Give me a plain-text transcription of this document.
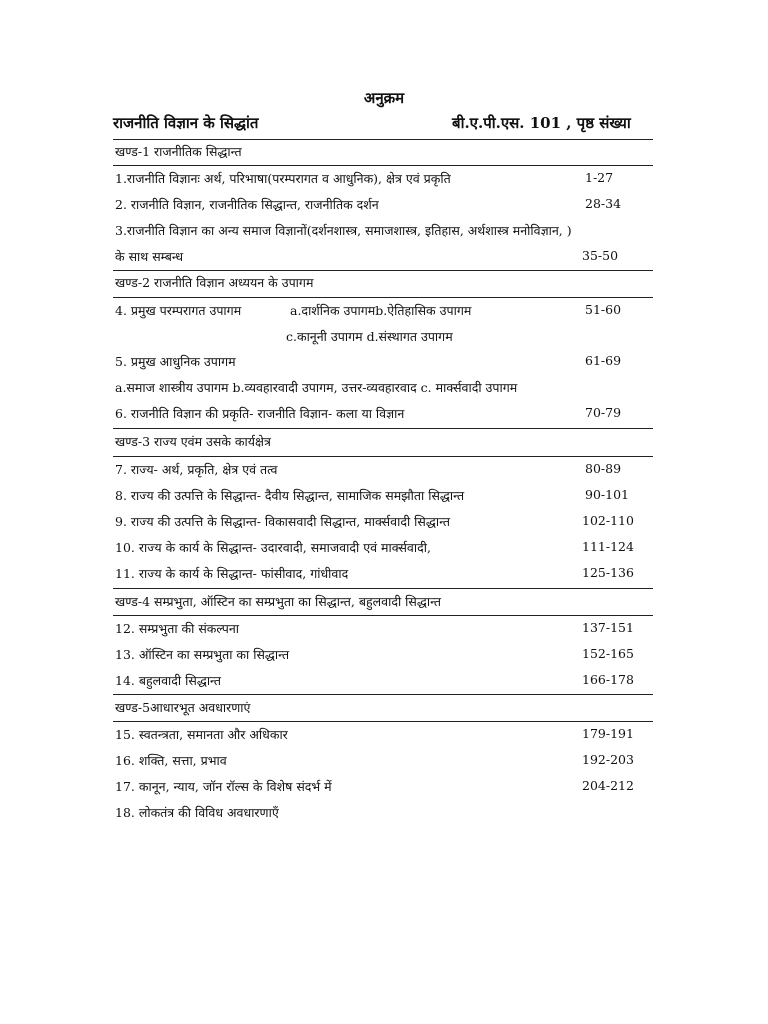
अनुक्रम
राजनीति विज्ञान के सिद्धांत	बी.ए.पी.एस. 101 , पृष्ठ संख्या
खण्ड-1 राजनीतिक सिद्धान्त
1.राजनीति विज्ञानः अर्थ, परिभाषा(परम्परागत व आधुनिक), क्षेत्र एवं प्रकृति	1-27
2. राजनीति विज्ञान, राजनीतिक सिद्धान्त, राजनीतिक दर्शन	28-34
3.राजनीति विज्ञान का अन्य समाज विज्ञानों(दर्शनशास्त्र, समाजशास्त्र, इतिहास, अर्थशास्त्र मनोविज्ञान, )
के साथ सम्बन्ध	35-50
खण्ड-2 राजनीति विज्ञान अध्ययन के उपागम
4. प्रमुख परम्परागत उपागम	a.दार्शनिक उपागमb.ऐतिहासिक उपागम	51-60
c.कानूनी उपागम d.संस्थागत उपागम
5. प्रमुख आधुनिक उपागम	61-69
a.समाज शास्त्रीय उपागम b.व्यवहारवादी उपागम, उत्तर-व्यवहारवाद c. मार्क्सवादी उपागम
6. राजनीति विज्ञान की प्रकृति- राजनीति विज्ञान- कला या विज्ञान	70-79
खण्ड-3 राज्य एवंम उसके कार्यक्षेत्र
7. राज्य- अर्थ, प्रकृति, क्षेत्र एवं तत्व	80-89
8. राज्य की उत्पत्ति के सिद्धान्त- दैवीय सिद्धान्त, सामाजिक समझौता सिद्धान्त	90-101
9. राज्य की उत्पत्ति के सिद्धान्त- विकासवादी सिद्धान्त, मार्क्सवादी सिद्धान्त	102-110
10. राज्य के कार्य के सिद्धान्त- उदारवादी, समाजवादी एवं मार्क्सवादी,	111-124
11. राज्य के कार्य के सिद्धान्त- फांसीवाद, गांधीवाद	125-136
खण्ड-4 सम्प्रभुता, ऑस्टिन का सम्प्रभुता का सिद्धान्त, बहुलवादी सिद्धान्त
12. सम्प्रभुता की संकल्पना	137-151
13. ऑस्टिन का सम्प्रभुता का सिद्धान्त	152-165
14. बहुलवादी सिद्धान्त	166-178
खण्ड-5आधारभूत अवधारणाएं
15. स्वतन्त्रता, समानता और अधिकार	179-191
16. शक्ति, सत्ता, प्रभाव	192-203
17. कानून, न्याय, जॉन रॉल्स के विशेष संदर्भ में	204-212
18. लोकतंत्र की विविध अवधारणाएँ
